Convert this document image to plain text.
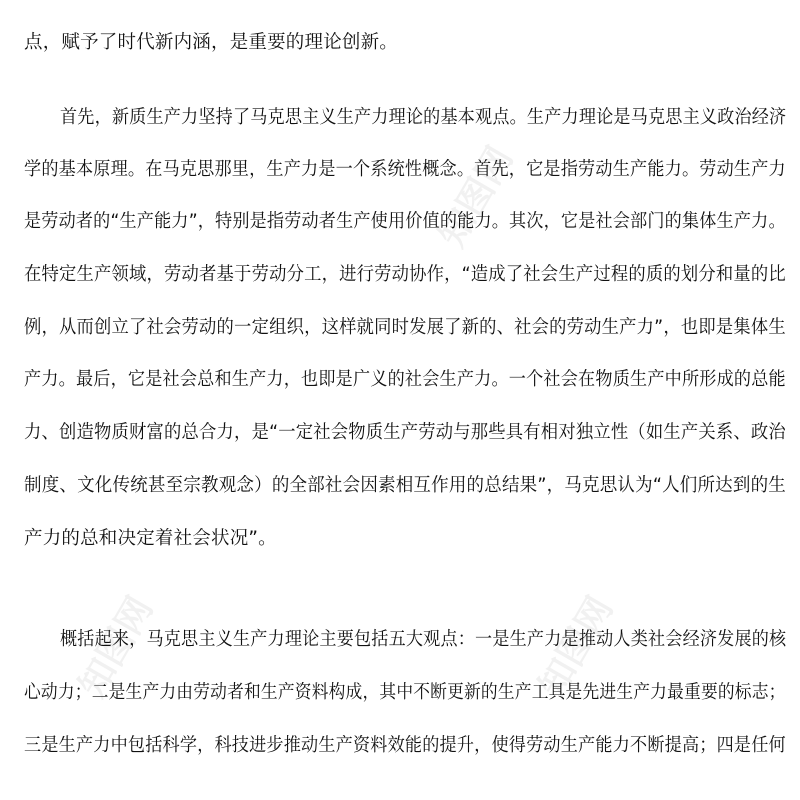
知图网
知图网	知图网
点，赋予了时代新内涵，是重要的理论创新。
首先，新质生产力坚持了马克思主义生产力理论的基本观点。生产力理论是马克思主义政治经济
学的基本原理。在马克思那里，生产力是一个系统性概念。首先，它是指劳动生产能力。劳动生产力
是劳动者的“生产能力”，特别是指劳动者生产使用价值的能力。其次，它是社会部门的集体生产力。
在特定生产领域，劳动者基于劳动分工，进行劳动协作，“造成了社会生产过程的质的划分和量的比
例，从而创立了社会劳动的一定组织，这样就同时发展了新的、社会的劳动生产力”，也即是集体生
产力。最后，它是社会总和生产力，也即是广义的社会生产力。一个社会在物质生产中所形成的总能
力、创造物质财富的总合力，是“一定社会物质生产劳动与那些具有相对独立性（如生产关系、政治
制度、文化传统甚至宗教观念）的全部社会因素相互作用的总结果”，马克思认为“人们所达到的生
产力的总和决定着社会状况”。
概括起来，马克思主义生产力理论主要包括五大观点：一是生产力是推动人类社会经济发展的核
心动力；二是生产力由劳动者和生产资料构成，其中不断更新的生产工具是先进生产力最重要的标志；
三是生产力中包括科学，科技进步推动生产资料效能的提升，使得劳动生产能力不断提高；四是任何
